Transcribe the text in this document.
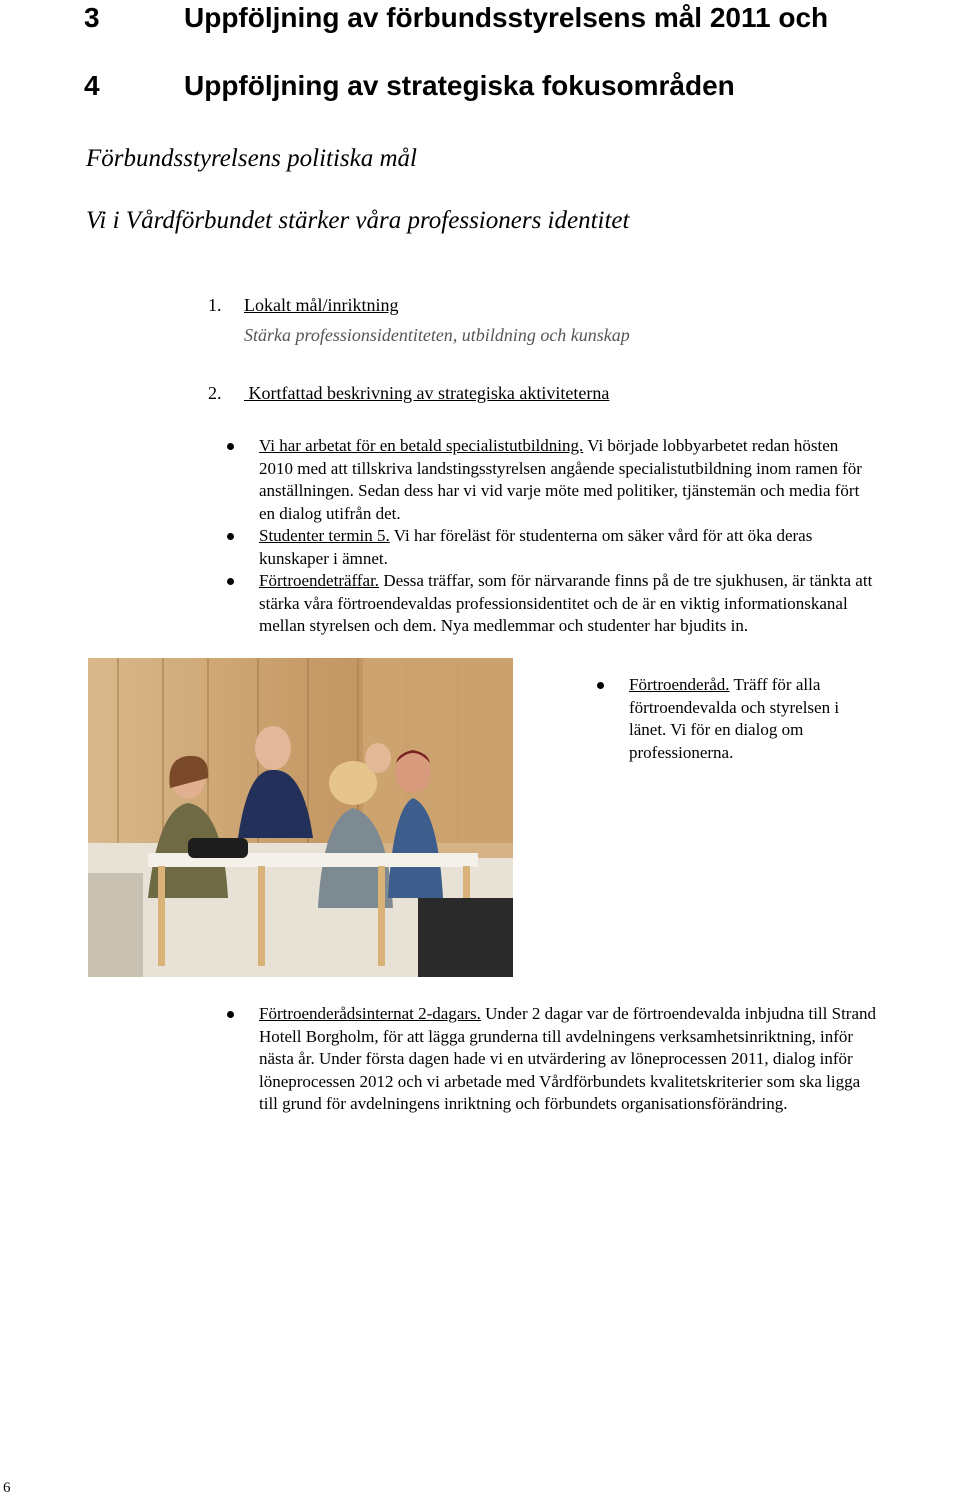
3	Uppföljning av förbundsstyrelsens mål 2011 och
4	Uppföljning av strategiska fokusområden
Förbundsstyrelsens politiska mål
Vi i Vårdförbundet stärker våra professioners identitet
1. Lokalt mål/inriktning
Stärka professionsidentiteten, utbildning och kunskap
2. Kortfattad beskrivning av strategiska aktiviteterna
Vi har arbetat för en betald specialistutbildning. Vi började lobbyarbetet redan hösten
2010 med att tillskriva landstingsstyrelsen angående specialistutbildning inom ramen för
anställningen. Sedan dess har vi vid varje möte med politiker, tjänstemän och media fört
en dialog utifrån det.
Studenter termin 5. Vi har föreläst för studenterna om säker vård för att öka deras
kunskaper i ämnet.
Förtroendeträffar. Dessa träffar, som för närvarande finns på de tre sjukhusen, är tänkta att
stärka våra förtroendevaldas professionsidentitet och de är en viktig informationskanal
mellan styrelsen och dem. Nya medlemmar och studenter har bjudits in.
Förtroenderåd. Träff för alla
förtroendevalda och styrelsen i
länet. Vi för en dialog om
professionerna.
Förtroenderådsinternat 2-dagars. Under 2 dagar var de förtroendevalda inbjudna till Strand
Hotell Borgholm, för att lägga grunderna till avdelningens verksamhetsinriktning, inför
nästa år. Under första dagen hade vi en utvärdering av löneprocessen 2011, dialog inför
löneprocessen 2012 och vi arbetade med Vårdförbundets kvalitetskriterier som ska ligga
till grund för avdelningens inriktning och förbundets organisationsförändring.
6
